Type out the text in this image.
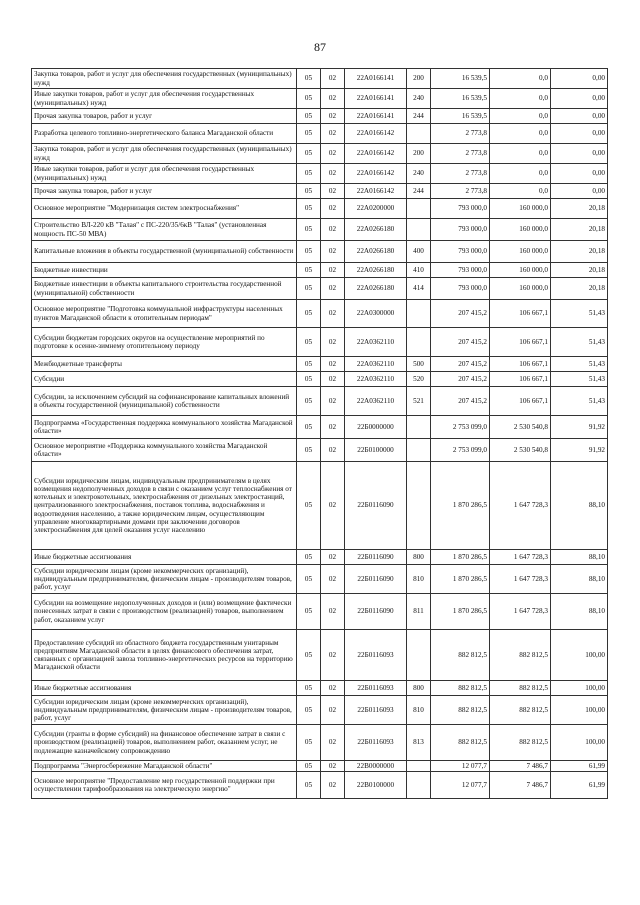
87
Закупка товаров, работ и услуг для обеспечения государственных (муниципальных) нужд	05	02	22А0166141	200	16 539,5	0,0	0,00
Иные закупки товаров, работ и услуг для обеспечения государственных (муниципальных) нужд	05	02	22А0166141	240	16 539,5	0,0	0,00
Прочая закупка товаров, работ и услуг	05	02	22А0166141	244	16 539,5	0,0	0,00
Разработка целевого топливно-энергетического баланса Магаданской области	05	02	22А0166142		2 773,8	0,0	0,00
Закупка товаров, работ и услуг для обеспечения государственных (муниципальных) нужд	05	02	22А0166142	200	2 773,8	0,0	0,00
Иные закупки товаров, работ и услуг для обеспечения государственных (муниципальных) нужд	05	02	22А0166142	240	2 773,8	0,0	0,00
Прочая закупка товаров, работ и услуг	05	02	22А0166142	244	2 773,8	0,0	0,00
Основное мероприятие "Модернизация систем электроснабжения"	05	02	22А0200000		793 000,0	160 000,0	20,18
Строительство ВЛ-220 кВ "Талая" с ПС-220/35/6кВ "Талая" (установленная мощность ПС-50 МВА)	05	02	22А0266180		793 000,0	160 000,0	20,18
Капитальные вложения в объекты государственной (муниципальной) собственности	05	02	22А0266180	400	793 000,0	160 000,0	20,18
Бюджетные инвестиции	05	02	22А0266180	410	793 000,0	160 000,0	20,18
Бюджетные инвестиции в объекты капитального строительства государственной (муниципальной) собственности	05	02	22А0266180	414	793 000,0	160 000,0	20,18
Основное мероприятие "Подготовка коммунальной инфраструктуры населенных пунктов Магаданской области к отопительным периодам"	05	02	22А0300000		207 415,2	106 667,1	51,43
Субсидии бюджетам городских округов на осуществление мероприятий по подготовке к осенне-зимнему отопительному периоду	05	02	22А0362110		207 415,2	106 667,1	51,43
Межбюджетные трансферты	05	02	22А0362110	500	207 415,2	106 667,1	51,43
Субсидии	05	02	22А0362110	520	207 415,2	106 667,1	51,43
Субсидии, за исключением субсидий на софинансирование капитальных вложений в объекты государственной (муниципальной) собственности	05	02	22А0362110	521	207 415,2	106 667,1	51,43
Подпрограмма «Государственная поддержка коммунального хозяйства Магаданской области»	05	02	22Б0000000		2 753 099,0	2 530 540,8	91,92
Основное мероприятие «Поддержка коммунального хозяйства Магаданской области»	05	02	22Б0100000		2 753 099,0	2 530 540,8	91,92
Субсидии юридическим лицам, индивидуальным предпринимателям в целях возмещения недополученных доходов в связи с оказанием услуг теплоснабжения от котельных и электрокотельных, электроснабжения от дизельных электростанций, централизованного электроснабжения, поставок топлива, водоснабжения и водоотведения населению, а также юридическим лицам, осуществляющим управление многоквартирными домами при заключении договоров электроснабжения для целей оказания услуг населению	05	02	22Б0116090		1 870 286,5	1 647 728,3	88,10
Иные бюджетные ассигнования	05	02	22Б0116090	800	1 870 286,5	1 647 728,3	88,10
Субсидии юридическим лицам (кроме некоммерческих организаций), индивидуальным предпринимателям, физическим лицам - производителям товаров, работ, услуг	05	02	22Б0116090	810	1 870 286,5	1 647 728,3	88,10
Субсидии на возмещение недополученных доходов и (или) возмещение фактически понесенных затрат в связи с производством (реализацией) товаров, выполнением работ, оказанием услуг	05	02	22Б0116090	811	1 870 286,5	1 647 728,3	88,10
Предоставление субсидий из областного бюджета государственным унитарным предприятиям Магаданской области в целях финансового обеспечения затрат, связанных с организацией завоза топливно-энергетических ресурсов на территорию Магаданской области	05	02	22Б0116093		882 812,5	882 812,5	100,00
Иные бюджетные ассигнования	05	02	22Б0116093	800	882 812,5	882 812,5	100,00
Субсидии юридическим лицам (кроме некоммерческих организаций), индивидуальным предпринимателям, физическим лицам - производителям товаров, работ, услуг	05	02	22Б0116093	810	882 812,5	882 812,5	100,00
Субсидии (гранты в форме субсидий) на финансовое обеспечение затрат в связи с производством (реализацией) товаров, выполнением работ, оказанием услуг, не подлежащие казначейскому сопровождению	05	02	22Б0116093	813	882 812,5	882 812,5	100,00
Подпрограмма "Энергосбережение Магаданской области"	05	02	22В0000000		12 077,7	7 486,7	61,99
Основное мероприятие "Предоставление мер государственной поддержки при осуществлении тарифообразования на электрическую энергию"	05	02	22В0100000		12 077,7	7 486,7	61,99
